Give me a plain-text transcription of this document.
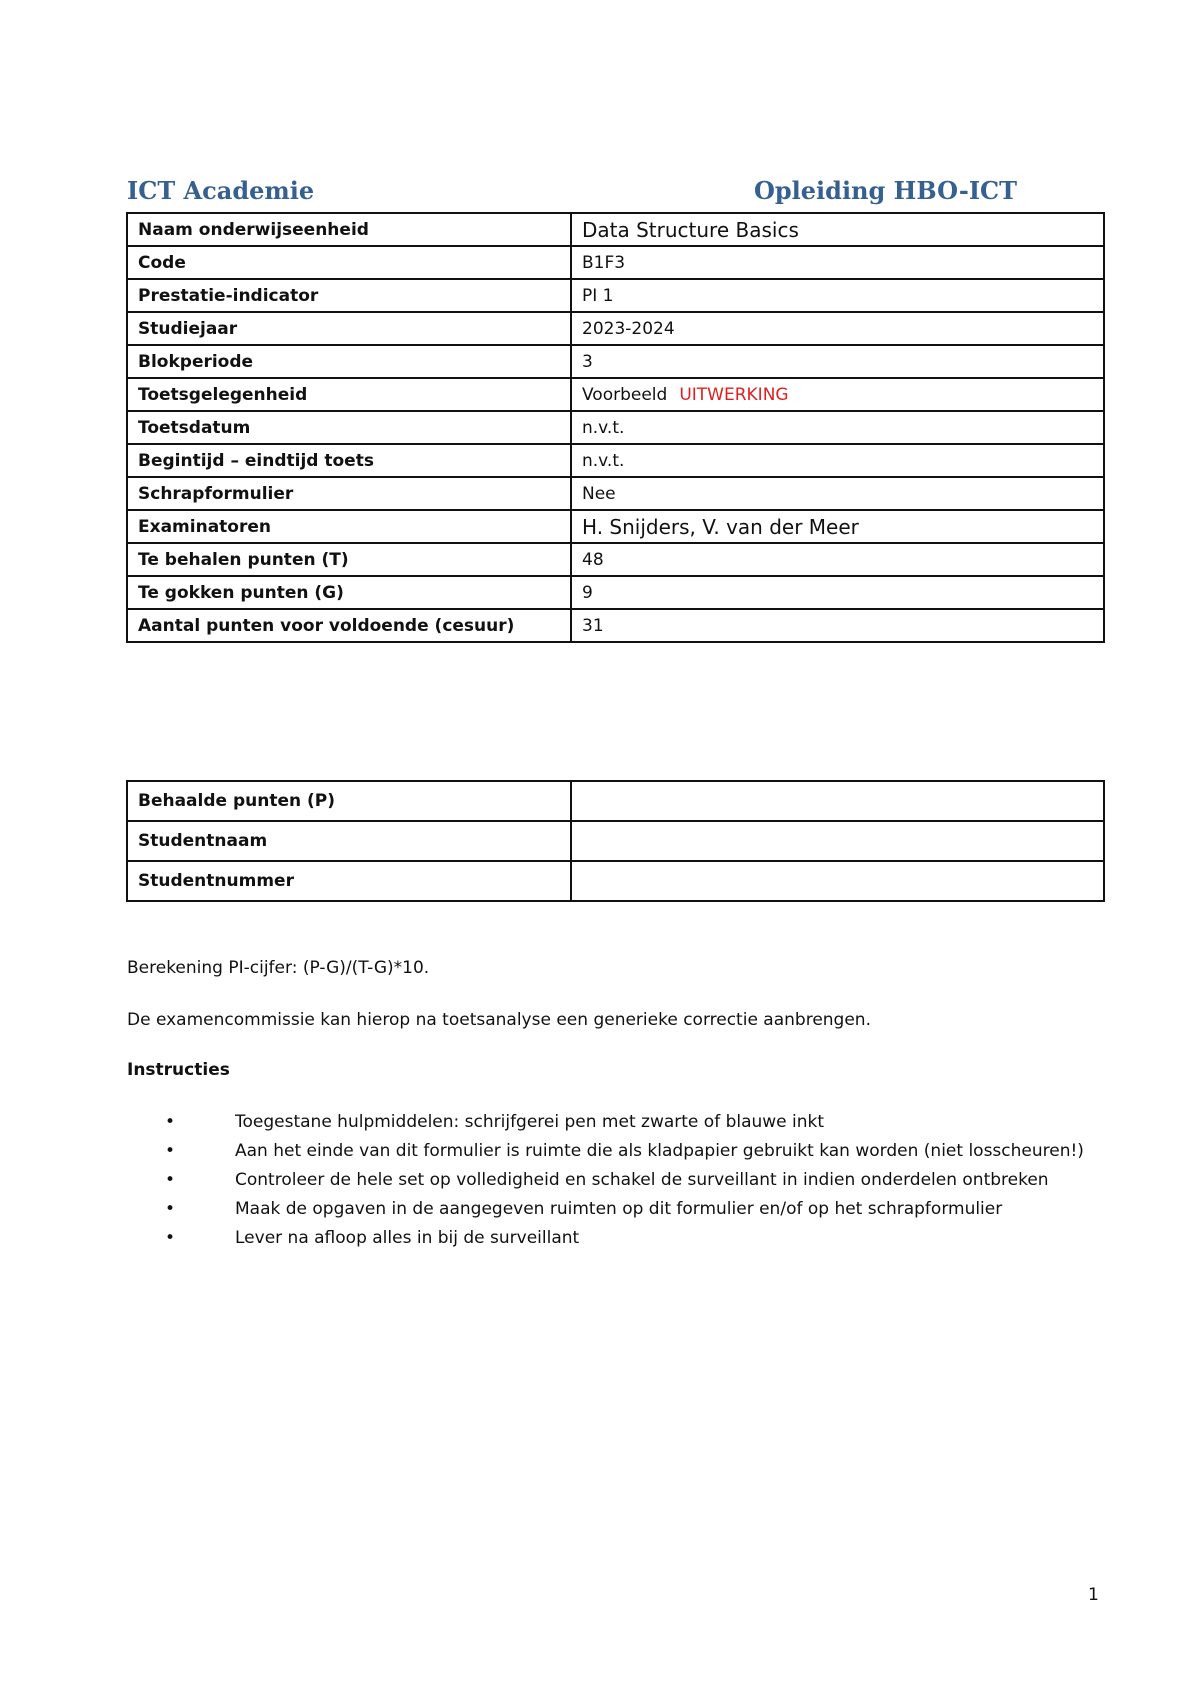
ICT Academie	Opleiding HBO-ICT
Naam onderwijseenheid	Data Structure Basics
Code	B1F3
Prestatie-indicator	PI 1
Studiejaar	2023-2024
Blokperiode	3
Toetsgelegenheid	Voorbeeld UITWERKING
Toetsdatum	n.v.t.
Begintijd – eindtijd toets	n.v.t.
Schrapformulier	Nee
Examinatoren	H. Snijders, V. van der Meer
Te behalen punten (T)	48
Te gokken punten (G)	9
Aantal punten voor voldoende (cesuur)	31
Behaalde punten (P)	
Studentnaam	
Studentnummer	
Berekening PI-cijfer: (P-G)/(T-G)*10.
De examencommissie kan hierop na toetsanalyse een generieke correctie aanbrengen.
Instructies
•	Toegestane hulpmiddelen: schrijfgerei pen met zwarte of blauwe inkt
•	Aan het einde van dit formulier is ruimte die als kladpapier gebruikt kan worden (niet losscheuren!)
•	Controleer de hele set op volledigheid en schakel de surveillant in indien onderdelen ontbreken
•	Maak de opgaven in de aangegeven ruimten op dit formulier en/of op het schrapformulier
•	Lever na afloop alles in bij de surveillant
1
